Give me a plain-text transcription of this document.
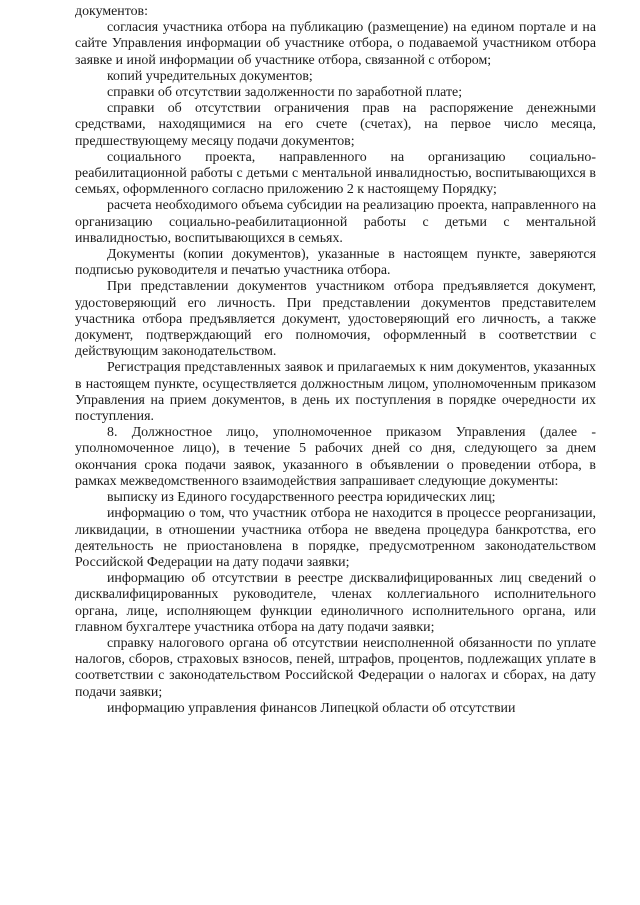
документов:

согласия участника отбора на публикацию (размещение) на едином портале и на сайте Управления информации об участнике отбора, о подаваемой участником отбора заявке и иной информации об участнике отбора, связанной с отбором;

копий учредительных документов;

справки об отсутствии задолженности по заработной плате;

справки об отсутствии ограничения прав на распоряжение денежными средствами, находящимися на его счете (счетах), на первое число месяца, предшествующему месяцу подачи документов;

социального проекта, направленного на организацию социально-реабилитационной работы с детьми с ментальной инвалидностью, воспитывающихся в семьях, оформленного согласно приложению 2 к настоящему Порядку;

расчета необходимого объема субсидии на реализацию проекта, направленного на организацию социально-реабилитационной работы с детьми с ментальной инвалидностью, воспитывающихся в семьях.

Документы (копии документов), указанные в настоящем пункте, заверяются подписью руководителя и печатью участника отбора.

При представлении документов участником отбора предъявляется документ, удостоверяющий его личность. При представлении документов представителем участника отбора предъявляется документ, удостоверяющий его личность, а также документ, подтверждающий его полномочия, оформленный в соответствии с действующим законодательством.

Регистрация представленных заявок и прилагаемых к ним документов, указанных в настоящем пункте, осуществляется должностным лицом, уполномоченным приказом Управления на прием документов, в день их поступления в порядке очередности их поступления.

8. Должностное лицо, уполномоченное приказом Управления (далее - уполномоченное лицо), в течение 5 рабочих дней со дня, следующего за днем окончания срока подачи заявок, указанного в объявлении о проведении отбора, в рамках межведомственного взаимодействия запрашивает следующие документы:

выписку из Единого государственного реестра юридических лиц;

информацию о том, что участник отбора не находится в процессе реорганизации, ликвидации, в отношении участника отбора не введена процедура банкротства, его деятельность не приостановлена в порядке, предусмотренном законодательством Российской Федерации на дату подачи заявки;

информацию об отсутствии в реестре дисквалифицированных лиц сведений о дисквалифицированных руководителе, членах коллегиального исполнительного органа, лице, исполняющем функции единоличного исполнительного органа, или главном бухгалтере участника отбора на дату подачи заявки;

справку налогового органа об отсутствии неисполненной обязанности по уплате налогов, сборов, страховых взносов, пеней, штрафов, процентов, подлежащих уплате в соответствии с законодательством Российской Федерации о налогах и сборах, на дату подачи заявки;

информацию управления финансов Липецкой области об отсутствии
